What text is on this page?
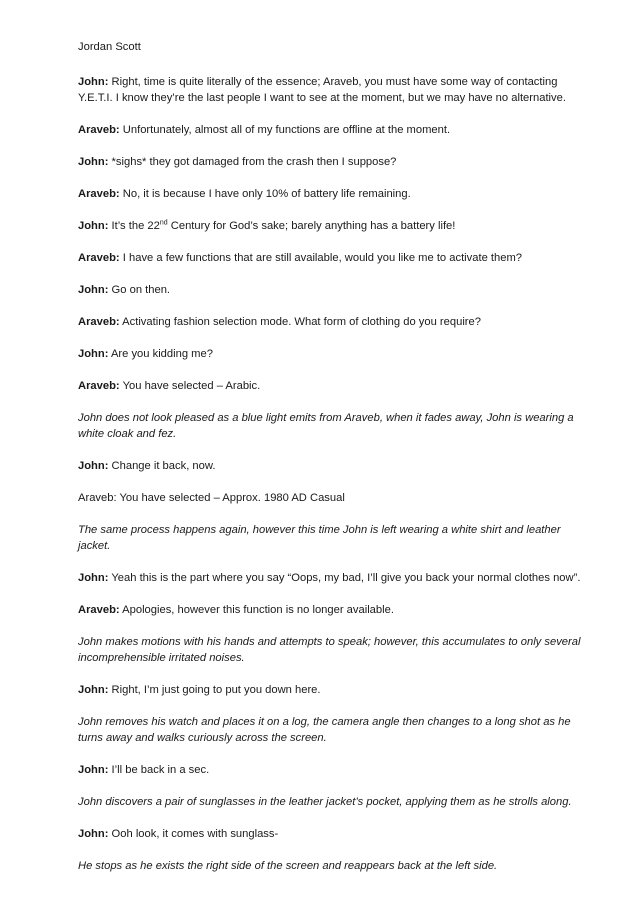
Jordan Scott

John: Right, time is quite literally of the essence; Araveb, you must have some way of contacting Y.E.T.I. I know they’re the last people I want to see at the moment, but we may have no alternative.

Araveb: Unfortunately, almost all of my functions are offline at the moment.

John: *sighs* they got damaged from the crash then I suppose?

Araveb: No, it is because I have only 10% of battery life remaining.

John: It’s the 22nd Century for God’s sake; barely anything has a battery life!

Araveb: I have a few functions that are still available, would you like me to activate them?

John: Go on then.

Araveb: Activating fashion selection mode. What form of clothing do you require?

John: Are you kidding me?

Araveb: You have selected – Arabic.

John does not look pleased as a blue light emits from Araveb, when it fades away, John is wearing a white cloak and fez.

John: Change it back, now.

Araveb: You have selected – Approx. 1980 AD Casual

The same process happens again, however this time John is left wearing a white shirt and leather jacket.

John: Yeah this is the part where you say “Oops, my bad, I’ll give you back your normal clothes now”.

Araveb: Apologies, however this function is no longer available.

John makes motions with his hands and attempts to speak; however, this accumulates to only several incomprehensible irritated noises.

John: Right, I’m just going to put you down here.

John removes his watch and places it on a log, the camera angle then changes to a long shot as he turns away and walks curiously across the screen.

John: I’ll be back in a sec.

John discovers a pair of sunglasses in the leather jacket’s pocket, applying them as he strolls along.

John: Ooh look, it comes with sunglass-

He stops as he exists the right side of the screen and reappears back at the left side.
